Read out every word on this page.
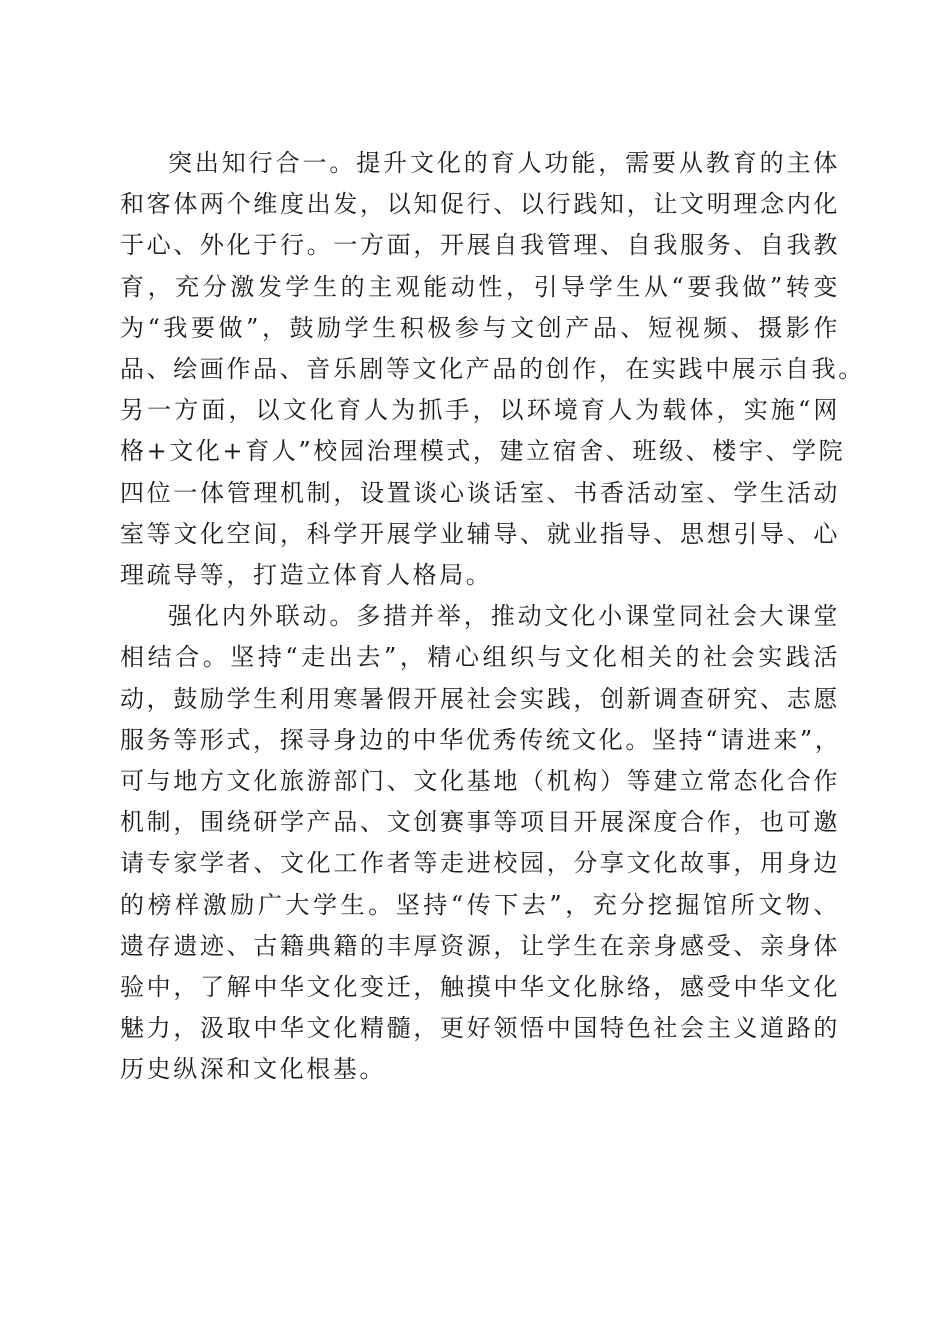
突出知行合一。提升文化的育人功能，需要从教育的主体
和客体两个维度出发，以知促行、以行践知，让文明理念内化
于心、外化于行。一方面，开展自我管理、自我服务、自我教
育，充分激发学生的主观能动性，引导学生从“要我做”转变
为“我要做”，鼓励学生积极参与文创产品、短视频、摄影作
品、绘画作品、音乐剧等文化产品的创作，在实践中展示自我。
另一方面，以文化育人为抓手，以环境育人为载体，实施“网
格+文化+育人”校园治理模式，建立宿舍、班级、楼宇、学院
四位一体管理机制，设置谈心谈话室、书香活动室、学生活动
室等文化空间，科学开展学业辅导、就业指导、思想引导、心
理疏导等，打造立体育人格局。

强化内外联动。多措并举，推动文化小课堂同社会大课堂
相结合。坚持“走出去”，精心组织与文化相关的社会实践活
动，鼓励学生利用寒暑假开展社会实践，创新调查研究、志愿
服务等形式，探寻身边的中华优秀传统文化。坚持“请进来”，
可与地方文化旅游部门、文化基地（机构）等建立常态化合作
机制，围绕研学产品、文创赛事等项目开展深度合作，也可邀
请专家学者、文化工作者等走进校园，分享文化故事，用身边
的榜样激励广大学生。坚持“传下去”，充分挖掘馆所文物、
遗存遗迹、古籍典籍的丰厚资源，让学生在亲身感受、亲身体
验中，了解中华文化变迁，触摸中华文化脉络，感受中华文化
魅力，汲取中华文化精髓，更好领悟中国特色社会主义道路的
历史纵深和文化根基。
